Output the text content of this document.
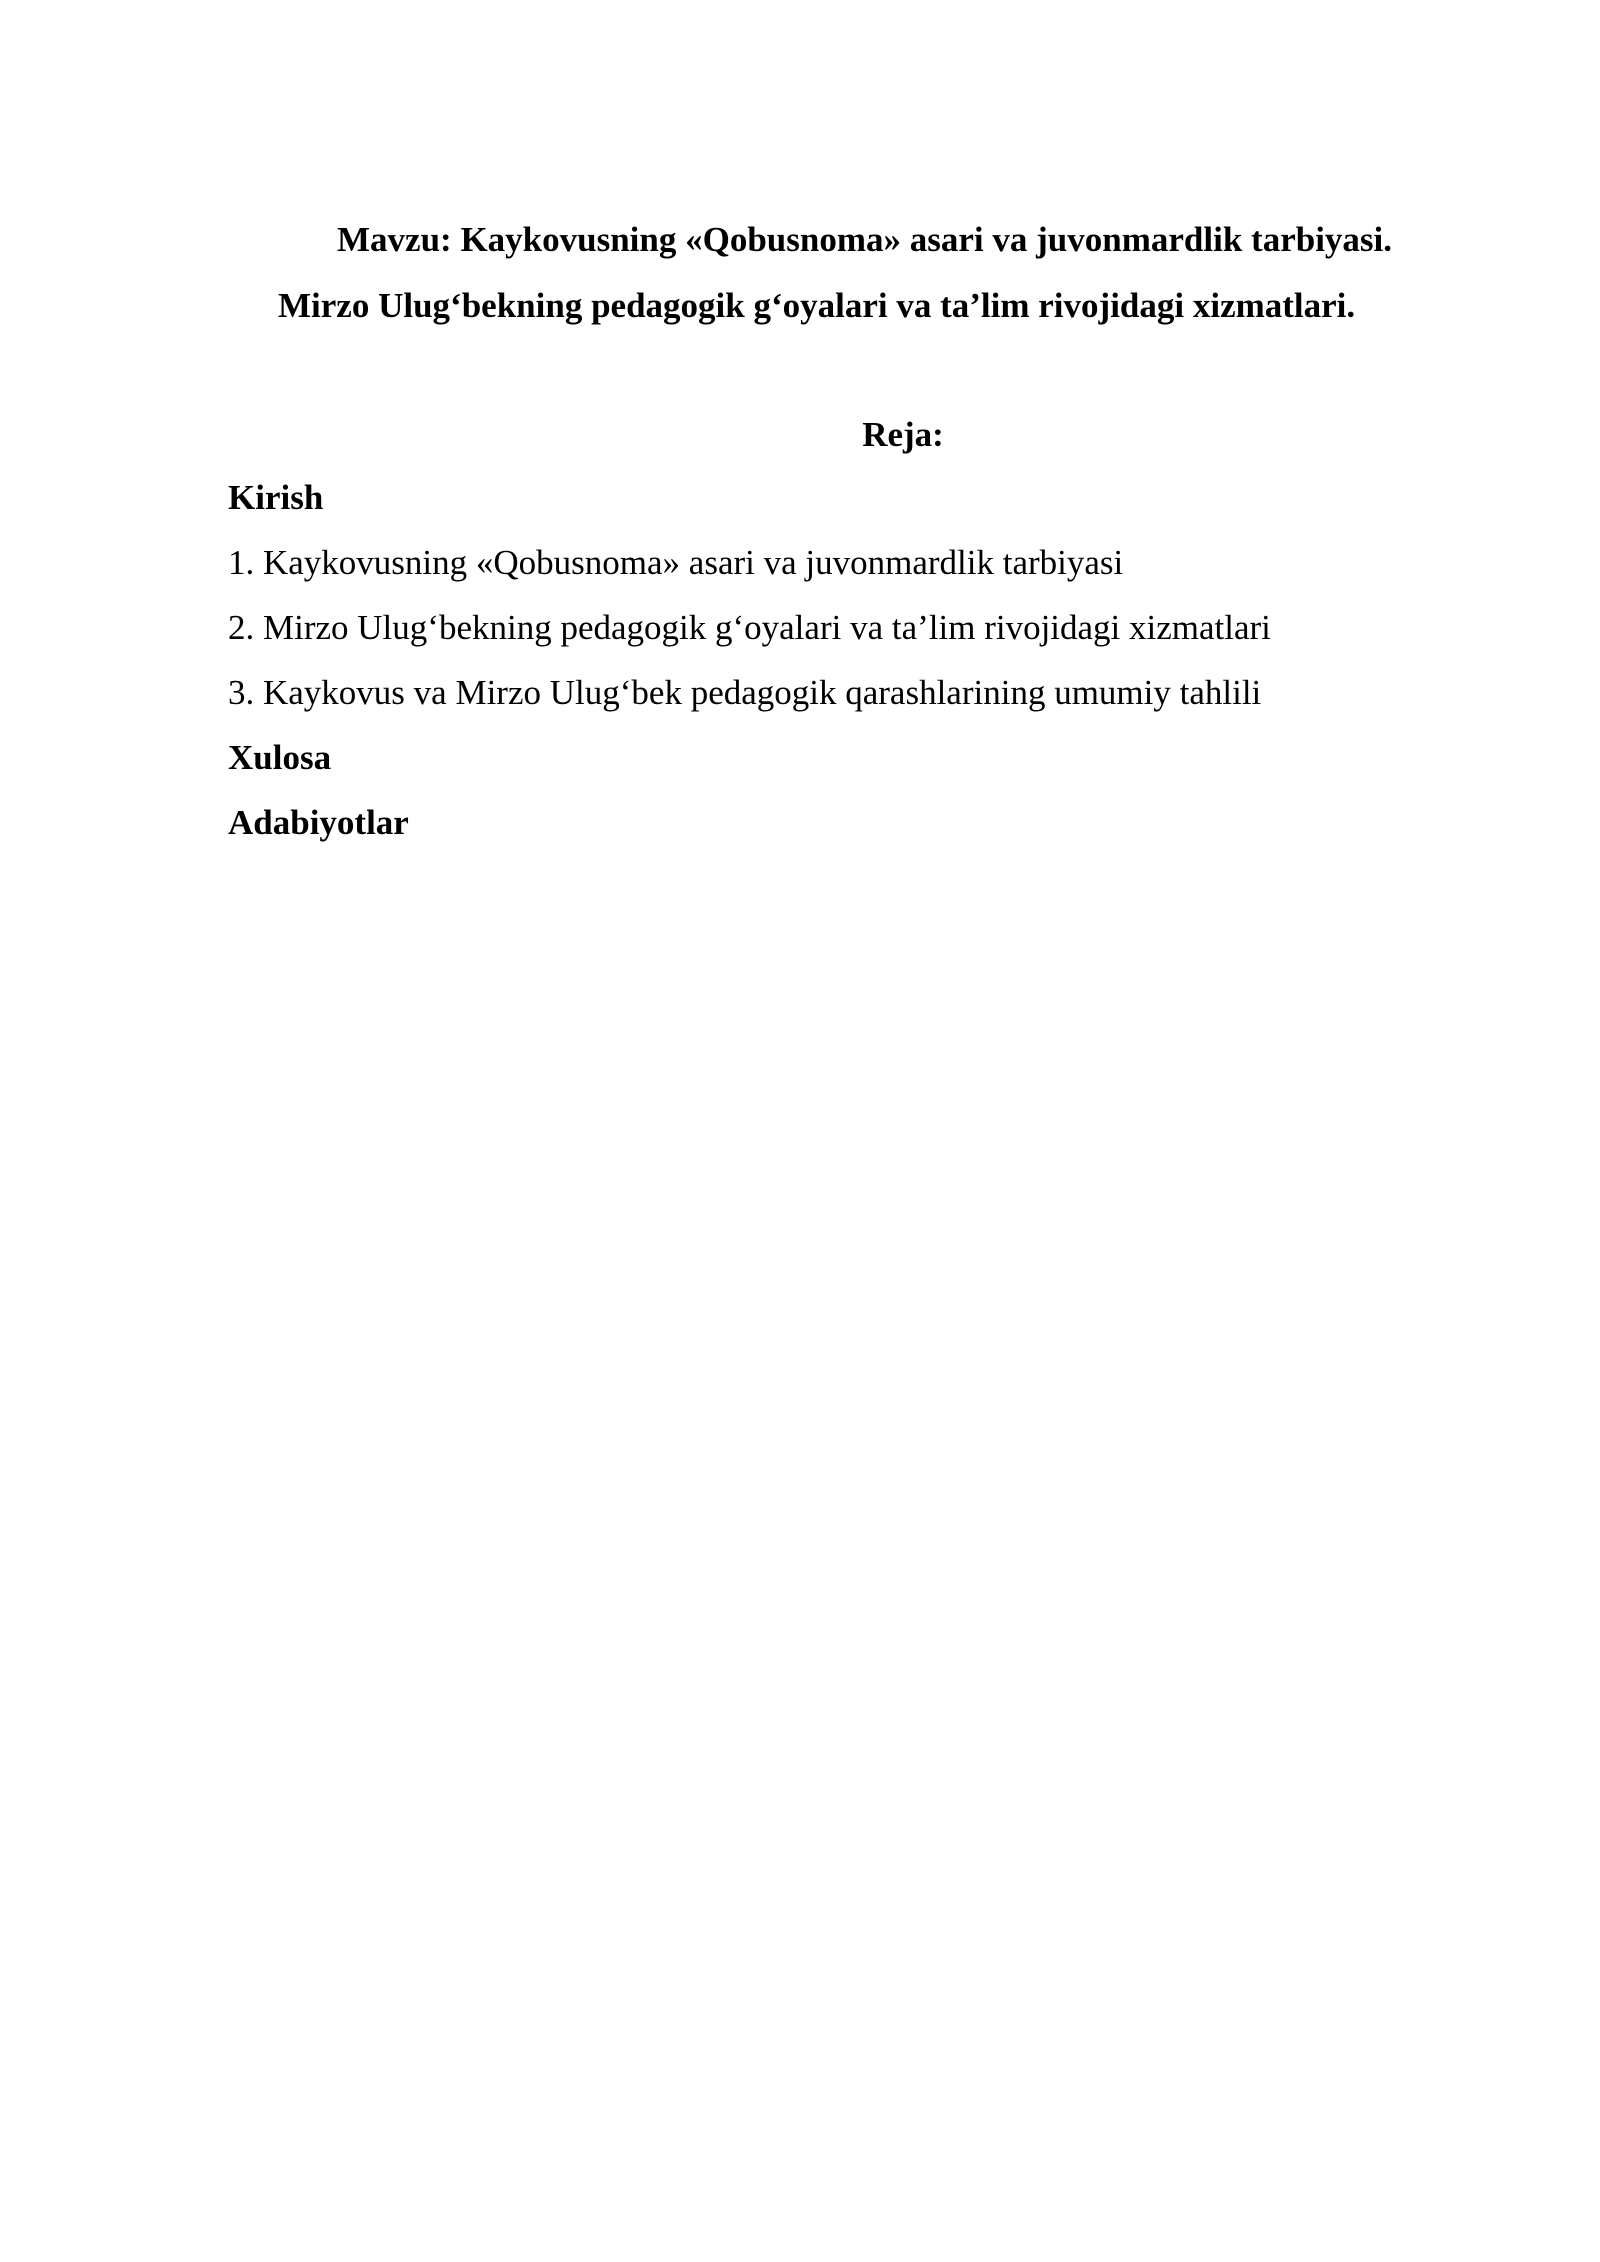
Mavzu: Kaykovusning «Qobusnoma» asari va juvonmardlik tarbiyasi.
Mirzo Ulug‘bekning pedagogik g‘oyalari va ta’lim rivojidagi xizmatlari.
Reja:
Kirish
1. Kaykovusning «Qobusnoma» asari va juvonmardlik tarbiyasi
2. Mirzo Ulug‘bekning pedagogik g‘oyalari va ta’lim rivojidagi xizmatlari
3. Kaykovus va Mirzo Ulug‘bek pedagogik qarashlarining umumiy tahlili
Xulosa
Adabiyotlar
